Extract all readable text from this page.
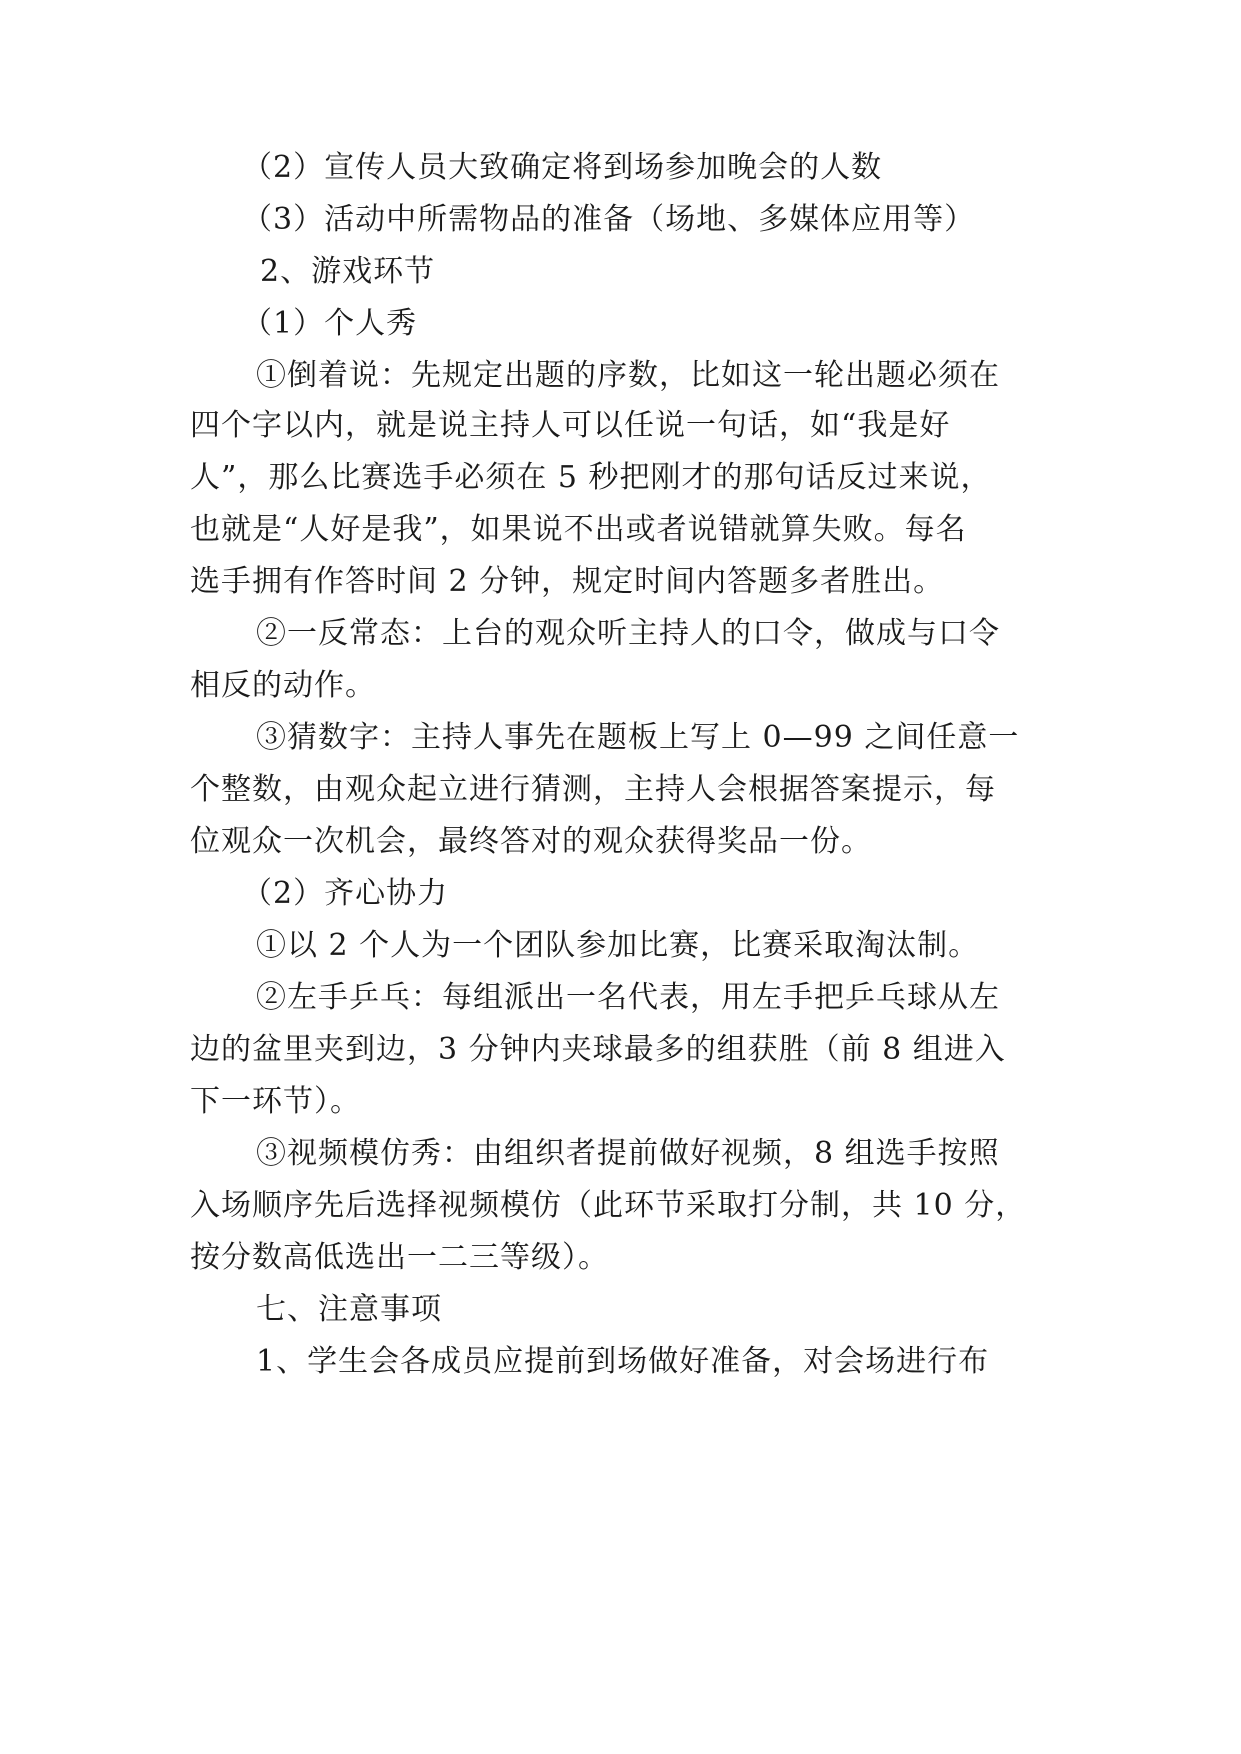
（2）宣传人员大致确定将到场参加晚会的人数
（3）活动中所需物品的准备（场地、多媒体应用等）
2、游戏环节
（1）个人秀
①倒着说：先规定出题的序数，比如这一轮出题必须在
四个字以内，就是说主持人可以任说一句话，如“我是好
人”，那么比赛选手必须在 5 秒把刚才的那句话反过来说，
也就是“人好是我”，如果说不出或者说错就算失败。每名
选手拥有作答时间 2 分钟，规定时间内答题多者胜出。
②一反常态：上台的观众听主持人的口令，做成与口令
相反的动作。
③猜数字：主持人事先在题板上写上 0—99 之间任意一
个整数，由观众起立进行猜测，主持人会根据答案提示，每
位观众一次机会，最终答对的观众获得奖品一份。
（2）齐心协力
①以 2 个人为一个团队参加比赛，比赛采取淘汰制。
②左手乒乓：每组派出一名代表，用左手把乒乓球从左
边的盆里夹到边，3 分钟内夹球最多的组获胜（前 8 组进入
下一环节）。
③视频模仿秀：由组织者提前做好视频，8 组选手按照
入场顺序先后选择视频模仿（此环节采取打分制，共 10 分，
按分数高低选出一二三等级）。
七、注意事项
1、学生会各成员应提前到场做好准备，对会场进行布
